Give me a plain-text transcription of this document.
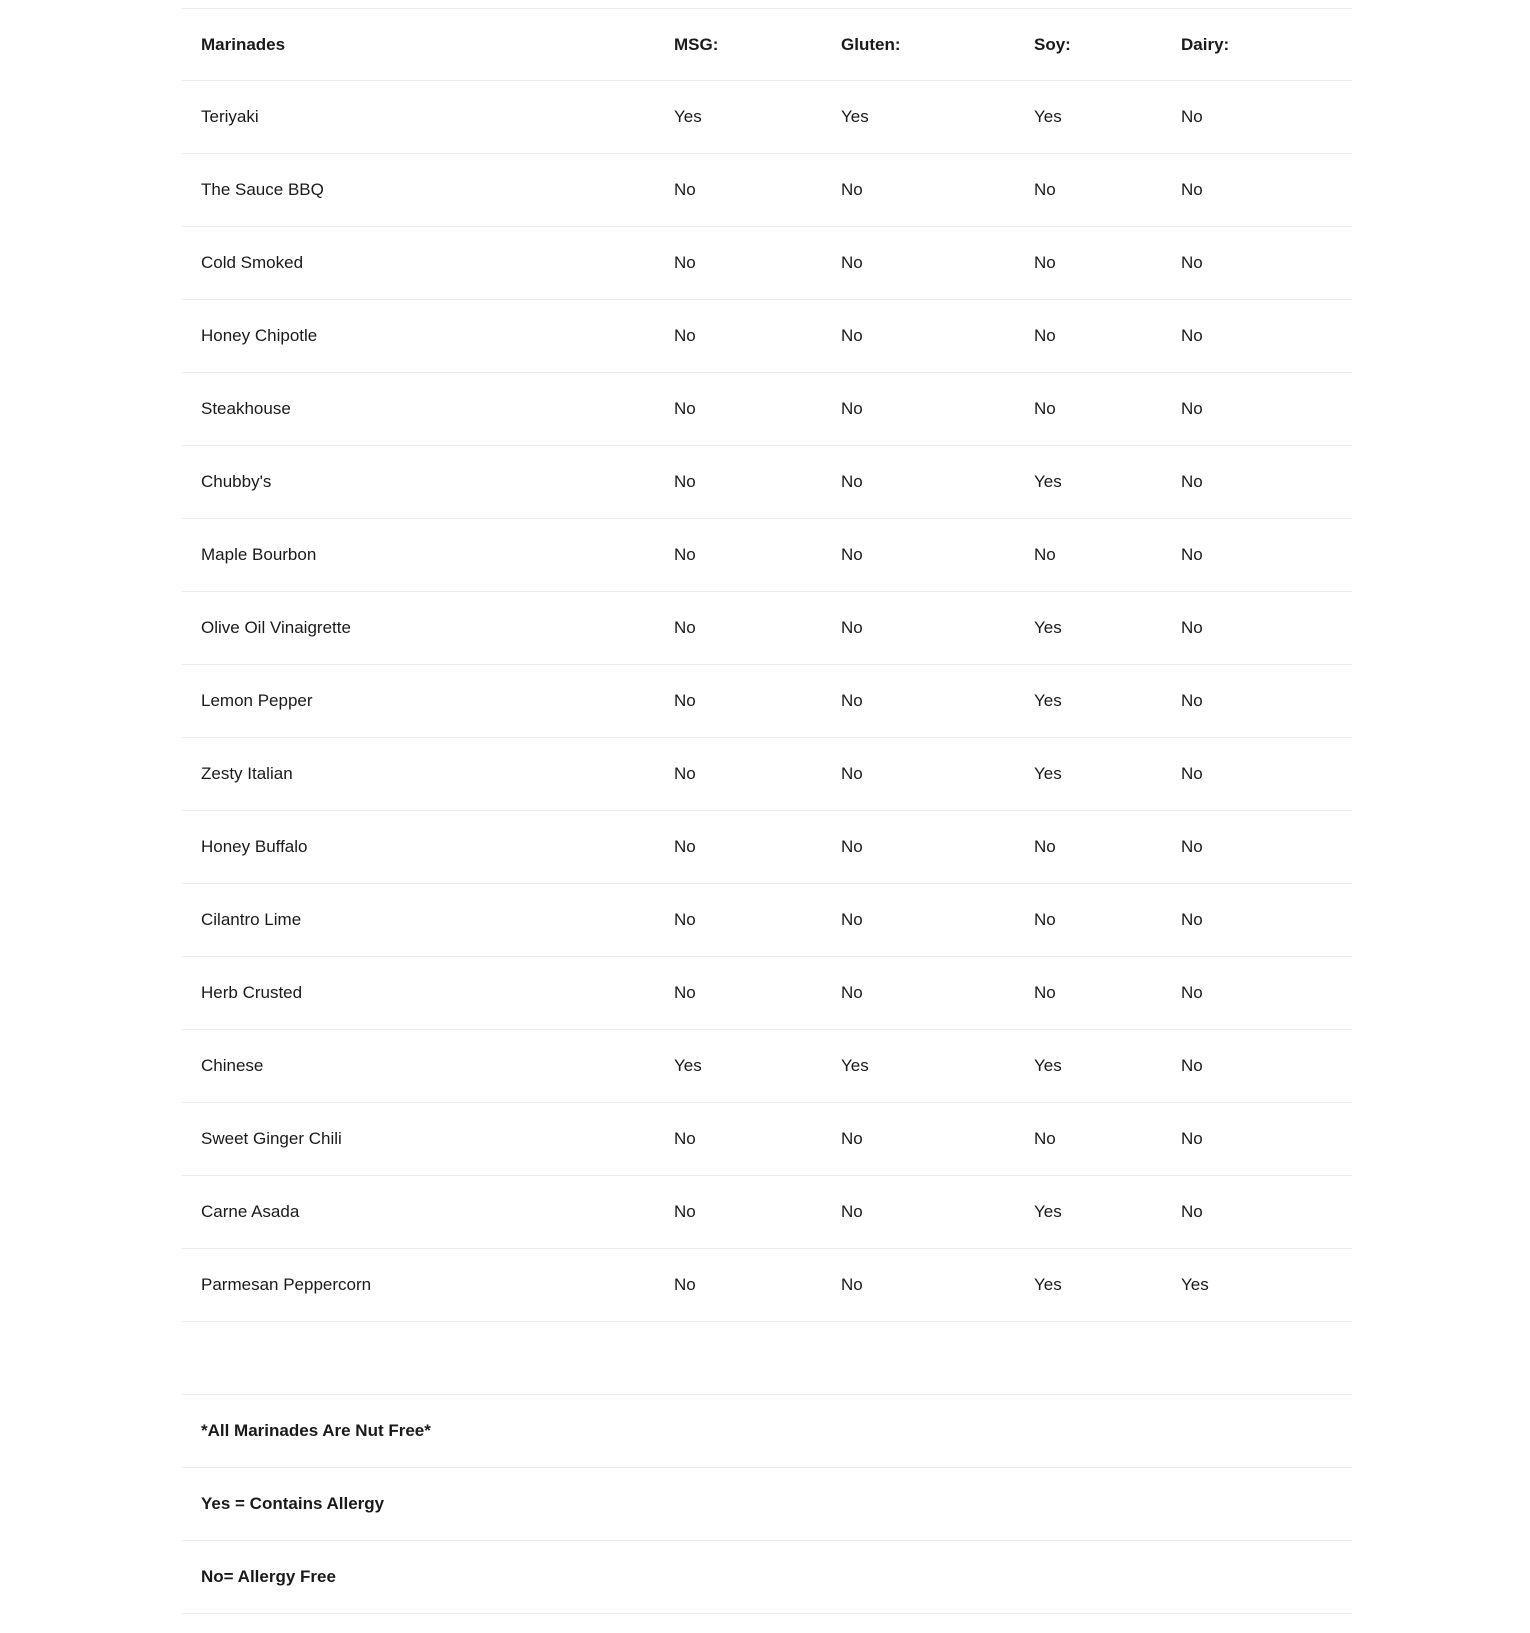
Marinades	MSG:	Gluten:	Soy:	Dairy:
Teriyaki	Yes	Yes	Yes	No
The Sauce BBQ	No	No	No	No
Cold Smoked	No	No	No	No
Honey Chipotle	No	No	No	No
Steakhouse	No	No	No	No
Chubby's	No	No	Yes	No
Maple Bourbon	No	No	No	No
Olive Oil Vinaigrette	No	No	Yes	No
Lemon Pepper	No	No	Yes	No
Zesty Italian	No	No	Yes	No
Honey Buffalo	No	No	No	No
Cilantro Lime	No	No	No	No
Herb Crusted	No	No	No	No
Chinese	Yes	Yes	Yes	No
Sweet Ginger Chili	No	No	No	No
Carne Asada	No	No	Yes	No
Parmesan Peppercorn	No	No	Yes	Yes
*All Marinades Are Nut Free*
Yes = Contains Allergy
No= Allergy Free
